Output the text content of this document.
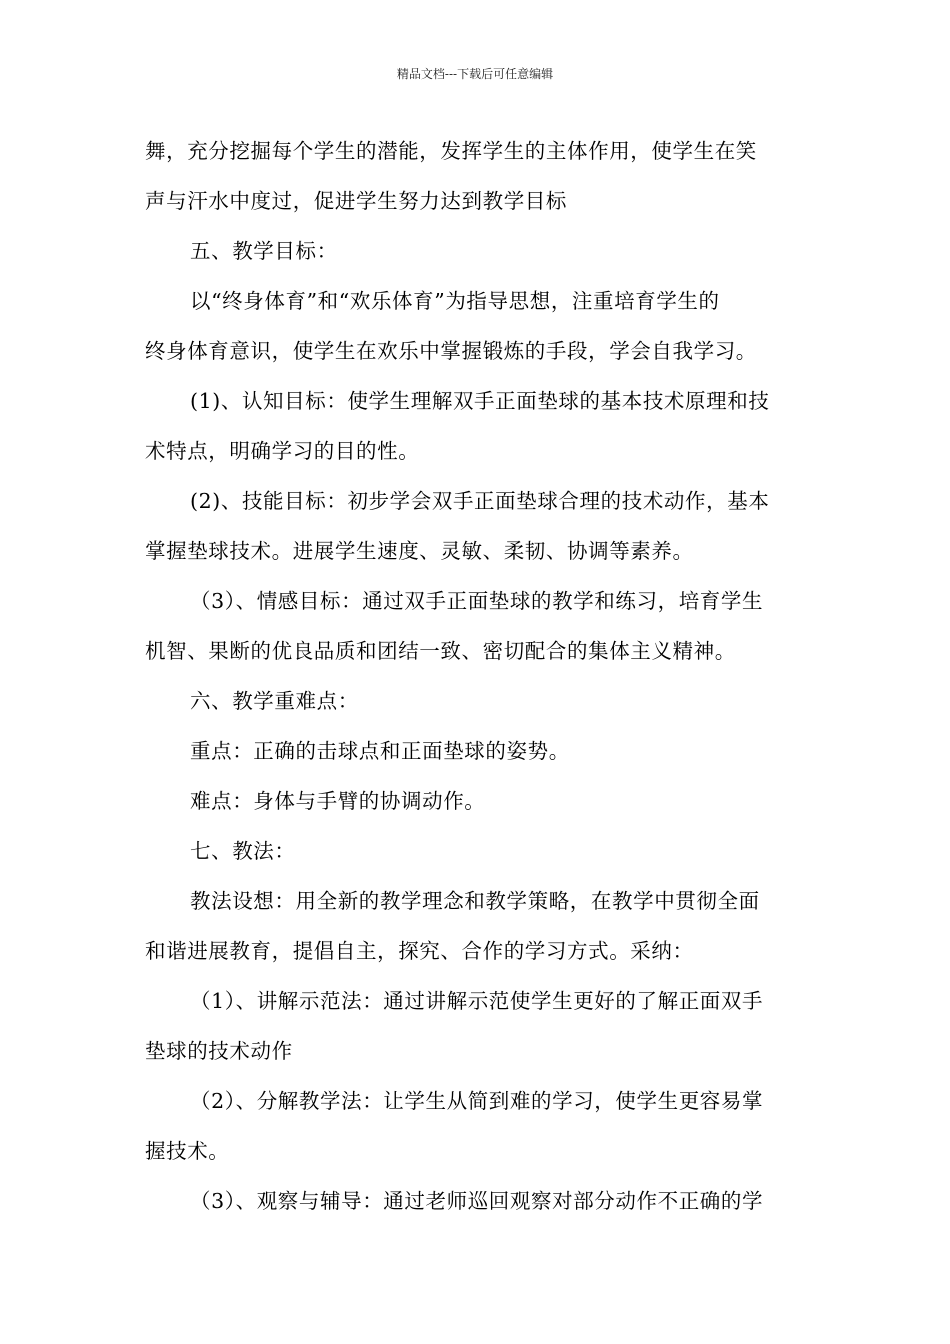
精品文档---下载后可任意编辑

舞，充分挖掘每个学生的潜能，发挥学生的主体作用，使学生在笑

声与汗水中度过，促进学生努力达到教学目标

五、教学目标：

以“终身体育”和“欢乐体育”为指导思想，注重培育学生的

终身体育意识，使学生在欢乐中掌握锻炼的手段，学会自我学习。

(1)、认知目标：使学生理解双手正面垫球的基本技术原理和技

术特点，明确学习的目的性。

(2)、技能目标：初步学会双手正面垫球合理的技术动作，基本

掌握垫球技术。进展学生速度、灵敏、柔韧、协调等素养。

（3）、情感目标：通过双手正面垫球的教学和练习，培育学生

机智、果断的优良品质和团结一致、密切配合的集体主义精神。

六、教学重难点：

重点：正确的击球点和正面垫球的姿势。

难点：身体与手臂的协调动作。

七、教法：

教法设想：用全新的教学理念和教学策略，在教学中贯彻全面

和谐进展教育，提倡自主，探究、合作的学习方式。采纳：

（1）、讲解示范法：通过讲解示范使学生更好的了解正面双手

垫球的技术动作

（2）、分解教学法：让学生从简到难的学习，使学生更容易掌

握技术。

（3）、观察与辅导：通过老师巡回观察对部分动作不正确的学
